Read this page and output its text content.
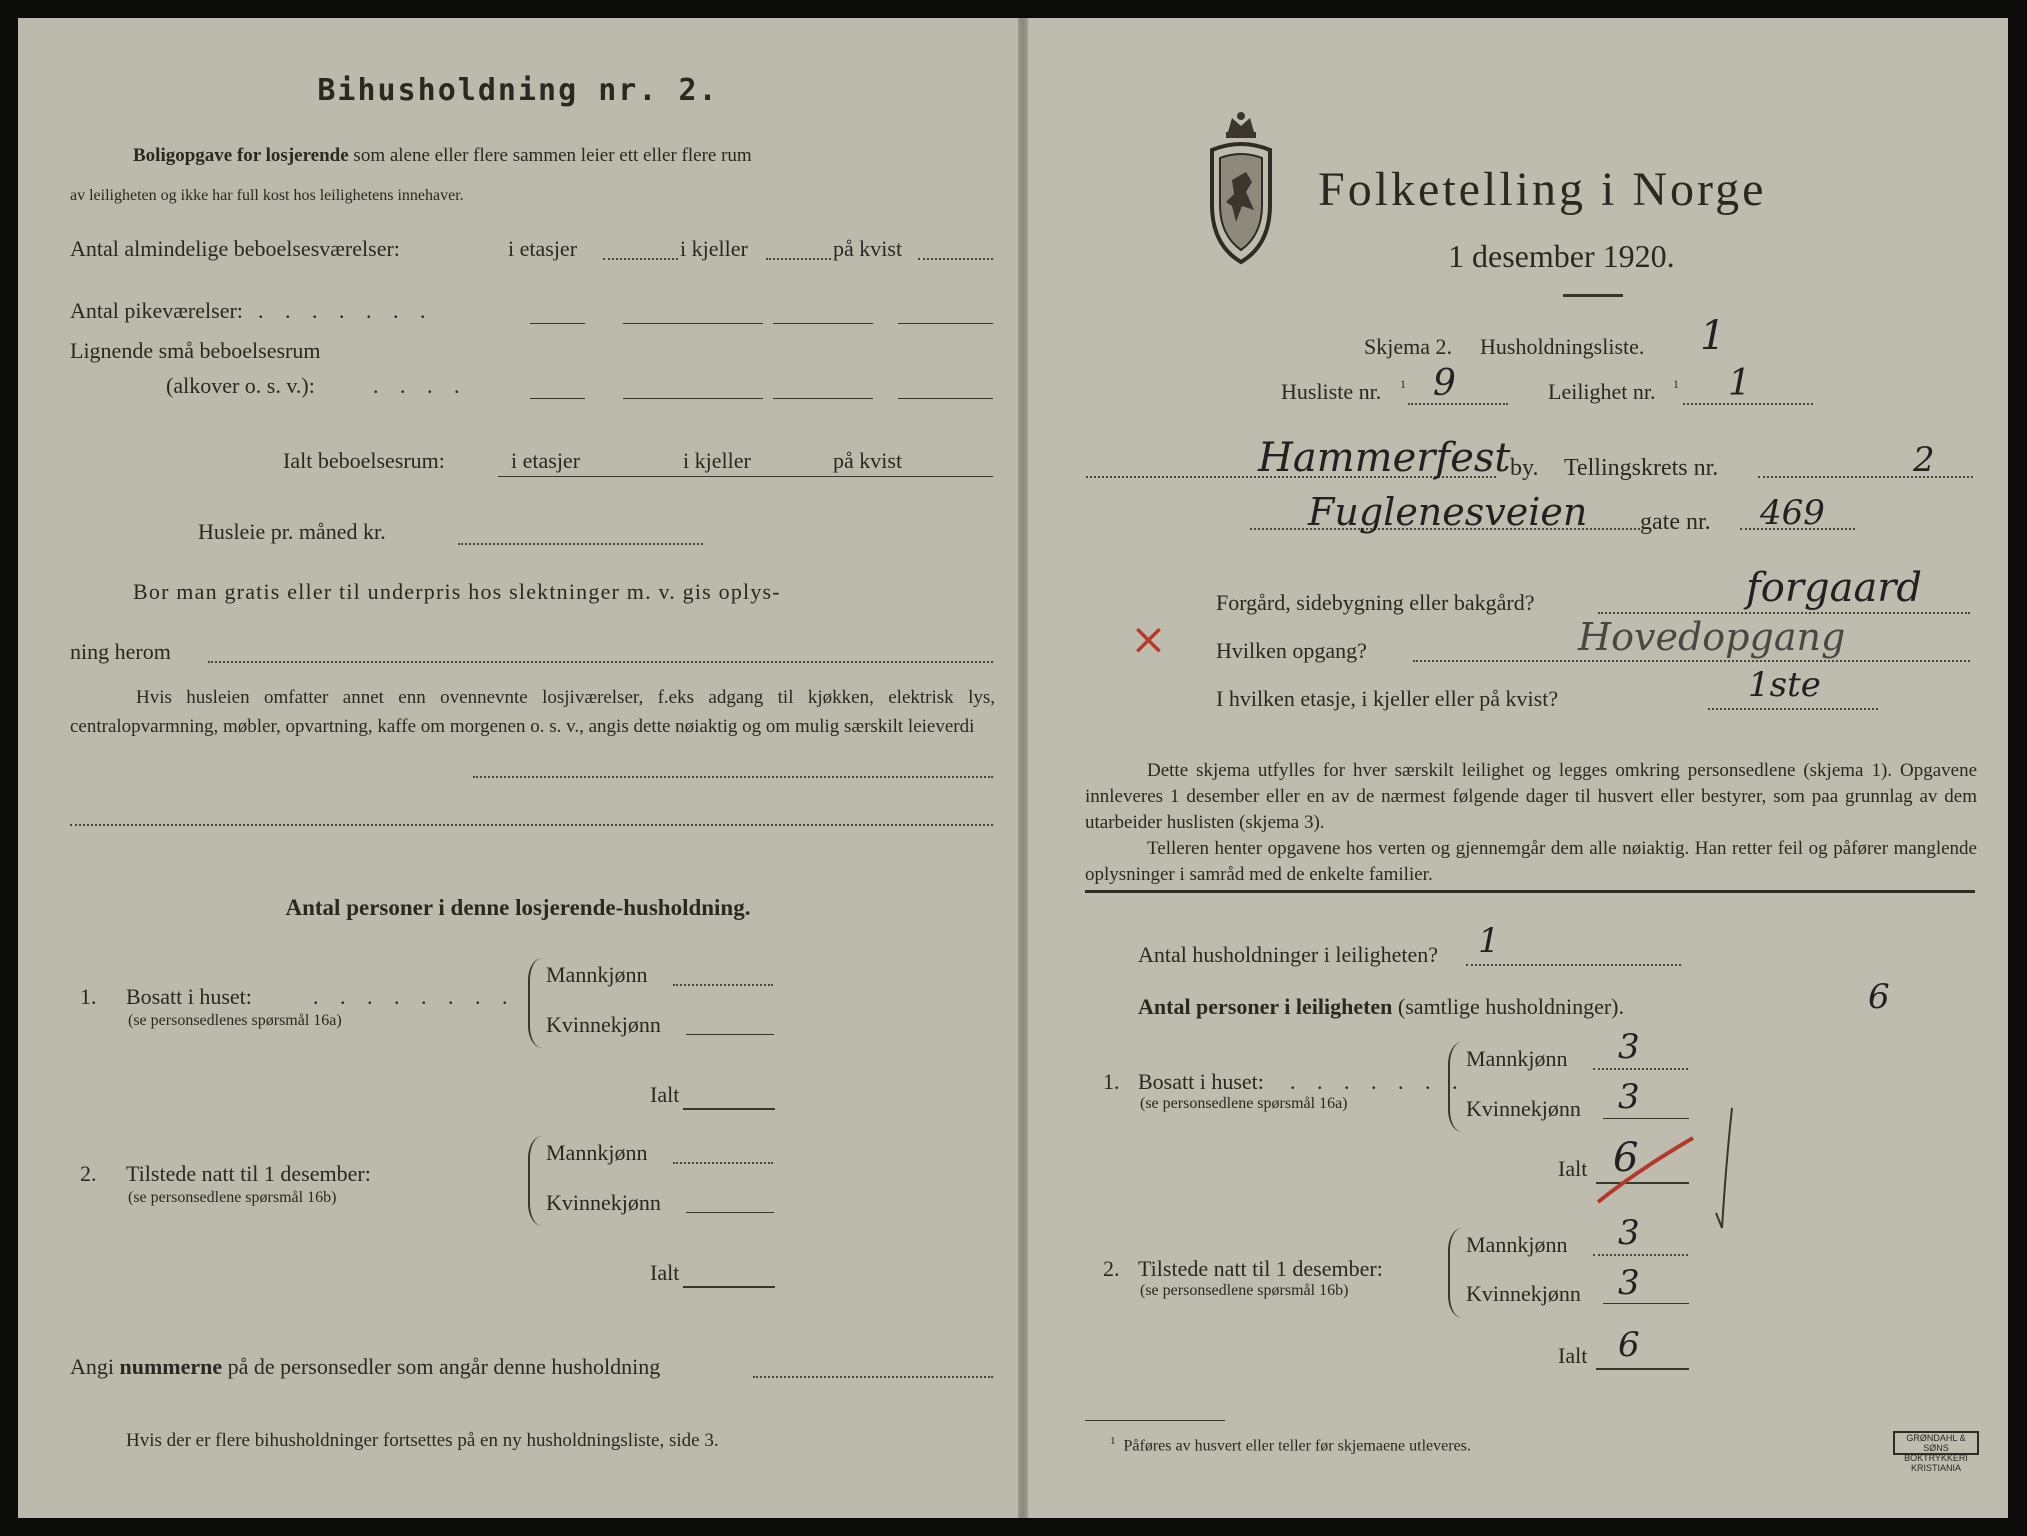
Bihusholdning nr. 2.
Boligopgave for losjerende som alene eller flere sammen leier ett eller flere rum
av leiligheten og ikke har full kost hos leilighetens innehaver.
Antal almindelige beboelsesværelser:	i etasjer	i kjeller	på kvist
Antal pikeværelser: . . . . . . .
Lignende små beboelsesrum
(alkover o. s. v.):	. . . .
Ialt beboelsesrum:	i etasjer	i kjeller	på kvist
Husleie pr. måned kr.
Bor man gratis eller til underpris hos slektninger m. v. gis oplys-
ning herom
Hvis husleien omfatter annet enn ovennevnte losjiværelser, f.eks adgang til kjøkken, elektrisk lys, centralopvarmning, møbler, opvartning, kaffe om morgenen o. s. v., angis dette nøiaktig og om mulig særskilt leieverdi
Antal personer i denne losjerende-husholdning.
1. Bosatt i huset:	. . . . . . . .
(se personsedlenes spørsmål 16a)
Mannkjønn
Kvinnekjønn
Ialt
2. Tilstede natt til 1 desember:
(se personsedlene spørsmål 16b)
Mannkjønn
Kvinnekjønn
Ialt
Angi nummerne på de personsedler som angår denne husholdning
Hvis der er flere bihusholdninger fortsettes på en ny husholdningsliste, side 3.
Folketelling i Norge
1 desember 1920.
Skjema 2. Husholdningsliste. 1
Husliste nr. 1 9	Leilighet nr. 1 1
Hammerfest by. Tellingskrets nr.	2
Fuglenesveien gate nr. 469
Forgård, sidebygning eller bakgård?	forgaard
× Hvilken opgang?	Hovedopgang
I hvilken etasje, i kjeller eller på kvist?	1ste
Dette skjema utfylles for hver særskilt leilighet og legges omkring personsedlene (skjema 1). Opgavene innleveres 1 desember eller en av de nærmest følgende dager til husvert eller bestyrer, som paa grunnlag av dem utarbeider huslisten (skjema 3).
Telleren henter opgavene hos verten og gjennemgår dem alle nøiaktig. Han retter feil og påfører manglende oplysninger i samråd med de enkelte familier.
Antal husholdninger i leiligheten? 1
Antal personer i leiligheten (samtlige husholdninger).	6
1. Bosatt i huset: . . . . . . .
(se personsedlene spørsmål 16a)
Mannkjønn 3
Kvinnekjønn 3
Ialt 6
2. Tilstede natt til 1 desember:
(se personsedlene spørsmål 16b)
Mannkjønn 3
Kvinnekjønn 3
Ialt 6
$^1$ Påføres av husvert eller teller før skjemaene utleveres.	GRØNDAHL & SØNS BOKTRYKKERI KRISTIANIA
